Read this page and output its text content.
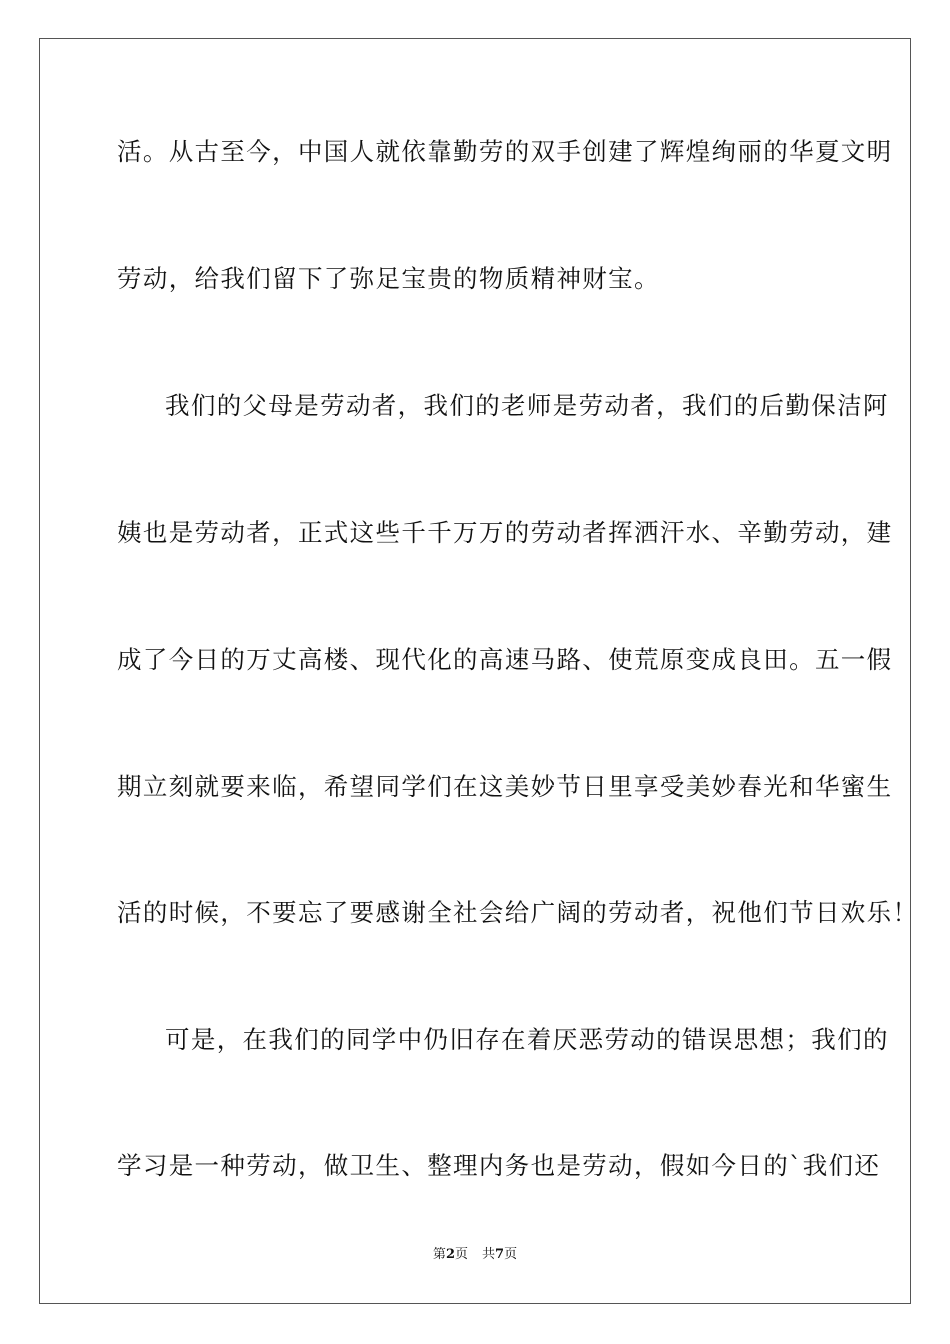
活。从古至今，中国人就依靠勤劳的双手创建了辉煌绚丽的华夏文明
劳动，给我们留下了弥足宝贵的物质精神财宝。
我们的父母是劳动者，我们的老师是劳动者，我们的后勤保洁阿
姨也是劳动者，正式这些千千万万的劳动者挥洒汗水、辛勤劳动，建
成了今日的万丈高楼、现代化的高速马路、使荒原变成良田。五一假
期立刻就要来临，希望同学们在这美妙节日里享受美妙春光和华蜜生
活的时候，不要忘了要感谢全社会给广阔的劳动者，祝他们节日欢乐！
可是，在我们的同学中仍旧存在着厌恶劳动的错误思想；我们的
学习是一种劳动，做卫生、整理内务也是劳动，假如今日的`我们还
第2页 共7页
